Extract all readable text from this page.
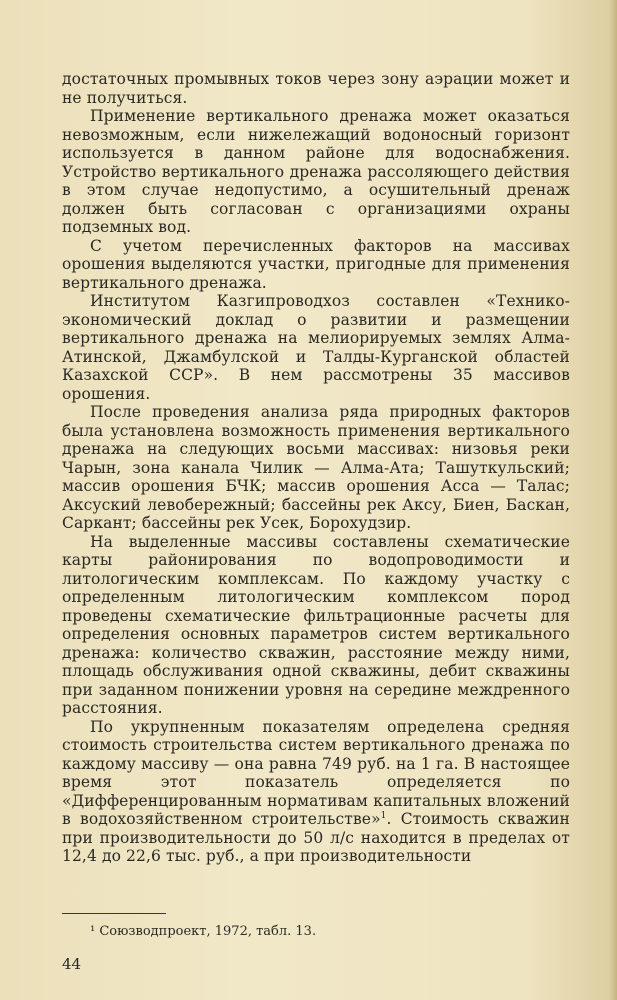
достаточных промывных токов через зону аэрации может и не получиться.

Применение вертикального дренажа может оказаться невозможным, если нижележащий водоносный горизонт используется в данном районе для водоснабжения. Устройство вертикального дренажа рассоляющего действия в этом случае недопустимо, а осушительный дренаж должен быть согласован с организациями охраны подземных вод.

С учетом перечисленных факторов на массивах орошения выделяются участки, пригодные для применения вертикального дренажа.

Институтом Казгипроводхоз составлен «Технико-экономический доклад о развитии и размещении вертикального дренажа на мелиорируемых землях Алма-Атинской, Джамбулской и Талды-Курганской областей Казахской ССР». В нем рассмотрены 35 массивов орошения.

После проведения анализа ряда природных факторов была установлена возможность применения вертикального дренажа на следующих восьми массивах: низовья реки Чарын, зона канала Чилик — Алма-Ата; Ташуткульский; массив орошения БЧК; массив орошения Асса — Талас; Аксуский левобережный; бассейны рек Аксу, Биен, Баскан, Саркант; бассейны рек Усек, Борохудзир.

На выделенные массивы составлены схематические карты районирования по водопроводимости и литологическим комплексам. По каждому участку с определенным литологическим комплексом пород проведены схематические фильтрационные расчеты для определения основных параметров систем вертикального дренажа: количество скважин, расстояние между ними, площадь обслуживания одной скважины, дебит скважины при заданном понижении уровня на середине междренного расстояния.

По укрупненным показателям определена средняя стоимость строительства систем вертикального дренажа по каждому массиву — она равна 749 руб. на 1 га. В настоящее время этот показатель определяется по «Дифференцированным нормативам капитальных вложений в водохозяйственном строительстве»$^1$. Стоимость скважин при производительности до 50 л/с находится в пределах от 12,4 до 22,6 тыс. руб., а при производительности

¹ Союзводпроект, 1972, табл. 13.
44
